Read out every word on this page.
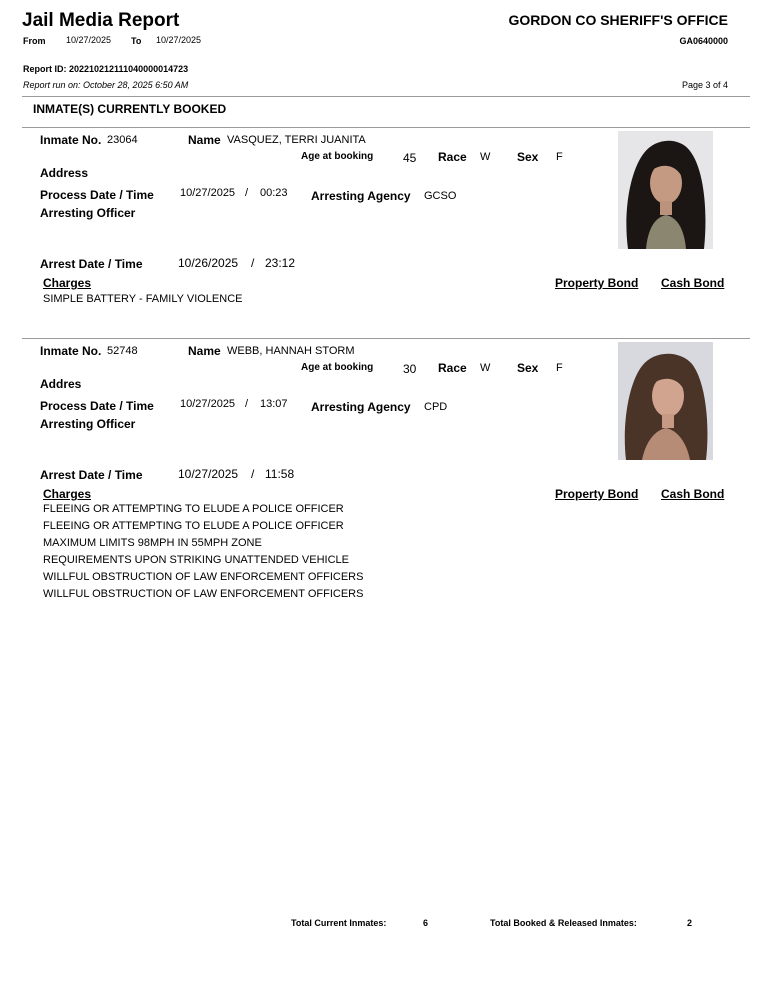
Jail Media Report	GORDON CO SHERIFF'S OFFICE
From 10/27/2025 To 10/27/2025	GA0640000
Report ID: 202210212111040000014723
Report run on: October 28, 2025 6:50 AM	Page 3 of 4
INMATE(S) CURRENTLY BOOKED
Inmate No. 23064	Name VASQUEZ, TERRI JUANITA
Age at booking 45 Race W Sex F
Address
Process Date / Time 10/27/2025 / 00:23 Arresting Agency GCSO
Arresting Officer
Arrest Date / Time	10/26/2025 / 23:12
Charges	Property Bond Cash Bond
SIMPLE BATTERY - FAMILY VIOLENCE
Inmate No. 52748	Name WEBB, HANNAH STORM
Age at booking 30 Race W Sex F
Addres
Process Date / Time 10/27/2025 / 13:07 Arresting Agency CPD
Arresting Officer
Arrest Date / Time	10/27/2025 / 11:58
Charges	Property Bond Cash Bond
FLEEING OR ATTEMPTING TO ELUDE A POLICE OFFICER
FLEEING OR ATTEMPTING TO ELUDE A POLICE OFFICER
MAXIMUM LIMITS 98MPH IN 55MPH ZONE
REQUIREMENTS UPON STRIKING UNATTENDED VEHICLE
WILLFUL OBSTRUCTION OF LAW ENFORCEMENT OFFICERS
WILLFUL OBSTRUCTION OF LAW ENFORCEMENT OFFICERS
Total Current Inmates:	6	Total Booked & Released Inmates:	2
